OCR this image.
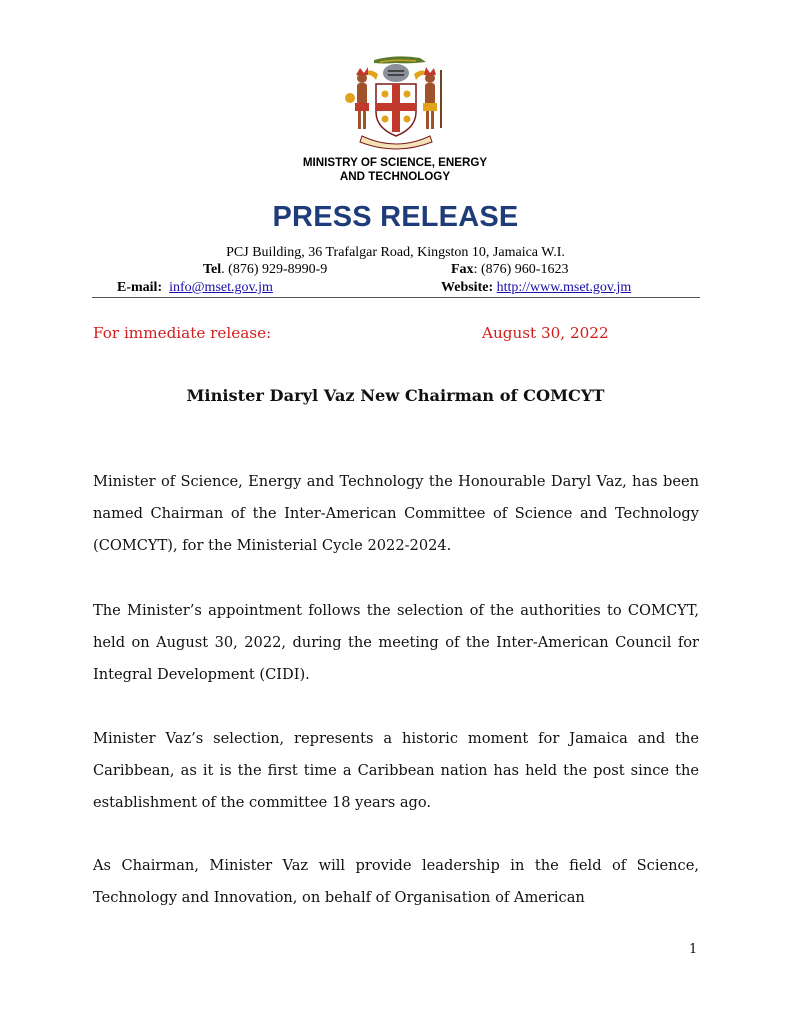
MINISTRY OF SCIENCE, ENERGY
AND TECHNOLOGY
PRESS RELEASE
PCJ Building, 36 Trafalgar Road, Kingston 10, Jamaica W.I.
Tel. (876) 929-8990-9	Fax: (876) 960-1623
E-mail: info@mset.gov.jm	Website: http://www.mset.gov.jm
For immediate release:	August 30, 2022
Minister Daryl Vaz New Chairman of COMCYT
Minister of Science, Energy and Technology the Honourable Daryl Vaz, has been named Chairman of the Inter-American Committee of Science and Technology (COMCYT), for the Ministerial Cycle 2022-2024.
The Minister’s appointment follows the selection of the authorities to COMCYT, held on August 30, 2022, during the meeting of the Inter-American Council for Integral Development (CIDI).
Minister Vaz’s selection, represents a historic moment for Jamaica and the Caribbean, as it is the first time a Caribbean nation has held the post since the establishment of the committee 18 years ago.
As Chairman, Minister Vaz will provide leadership in the field of Science, Technology and Innovation, on behalf of Organisation of American
1
